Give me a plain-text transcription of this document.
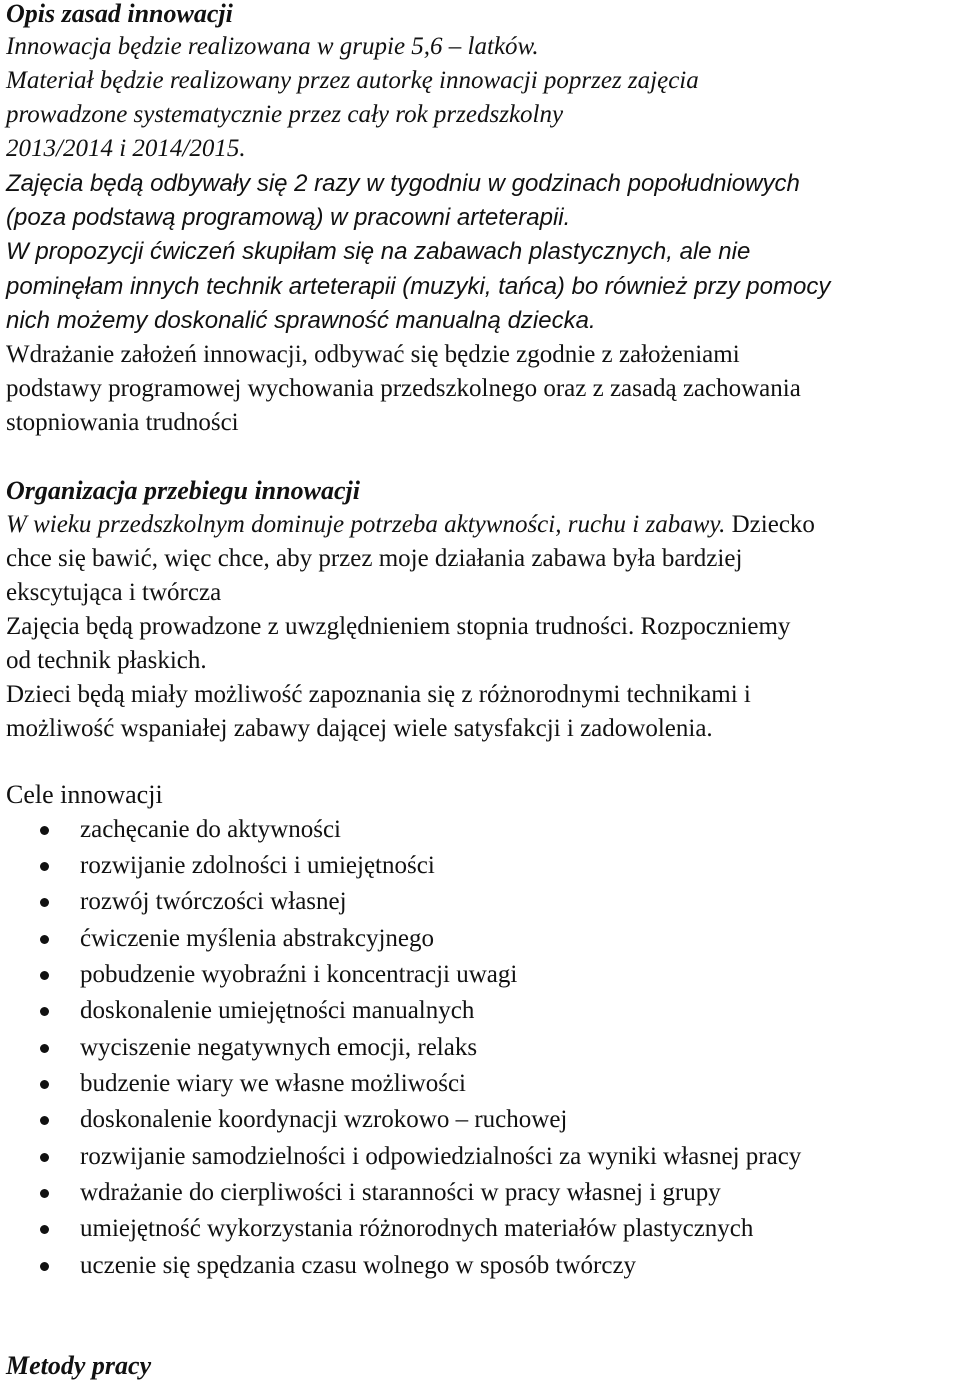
Opis zasad innowacji
Innowacja będzie realizowana w grupie 5,6 – latków.
Materiał będzie realizowany przez autorkę innowacji poprzez zajęcia
prowadzone systematycznie przez cały rok przedszkolny
2013/2014 i 2014/2015.
Zajęcia będą odbywały się 2 razy w tygodniu w godzinach popołudniowych
(poza podstawą programową) w pracowni arteterapii.
W propozycji ćwiczeń skupiłam się na zabawach plastycznych, ale nie
pominęłam innych technik arteterapii (muzyki, tańca) bo również przy pomocy
nich możemy doskonalić sprawność manualną dziecka.
Wdrażanie założeń innowacji, odbywać się będzie zgodnie z założeniami
podstawy programowej wychowania przedszkolnego oraz z zasadą zachowania
stopniowania trudności
Organizacja przebiegu innowacji
W wieku przedszkolnym dominuje potrzeba aktywności, ruchu i zabawy. Dziecko
chce się bawić, więc chce, aby przez moje działania zabawa była bardziej
ekscytująca i twórcza
Zajęcia będą prowadzone z uwzględnieniem stopnia trudności. Rozpoczniemy
od technik płaskich.
Dzieci będą miały możliwość zapoznania się z różnorodnymi technikami i
możliwość wspaniałej zabawy dającej wiele satysfakcji i zadowolenia.
Cele innowacji
zachęcanie do aktywności
rozwijanie zdolności i umiejętności
rozwój twórczości własnej
ćwiczenie myślenia abstrakcyjnego
pobudzenie wyobraźni i koncentracji uwagi
doskonalenie umiejętności manualnych
wyciszenie negatywnych emocji, relaks
budzenie wiary we własne możliwości
doskonalenie koordynacji wzrokowo – ruchowej
rozwijanie samodzielności i odpowiedzialności za wyniki własnej pracy
wdrażanie do cierpliwości i staranności w pracy własnej i grupy
umiejętność wykorzystania różnorodnych materiałów plastycznych
uczenie się spędzania czasu wolnego w sposób twórczy
Metody pracy
